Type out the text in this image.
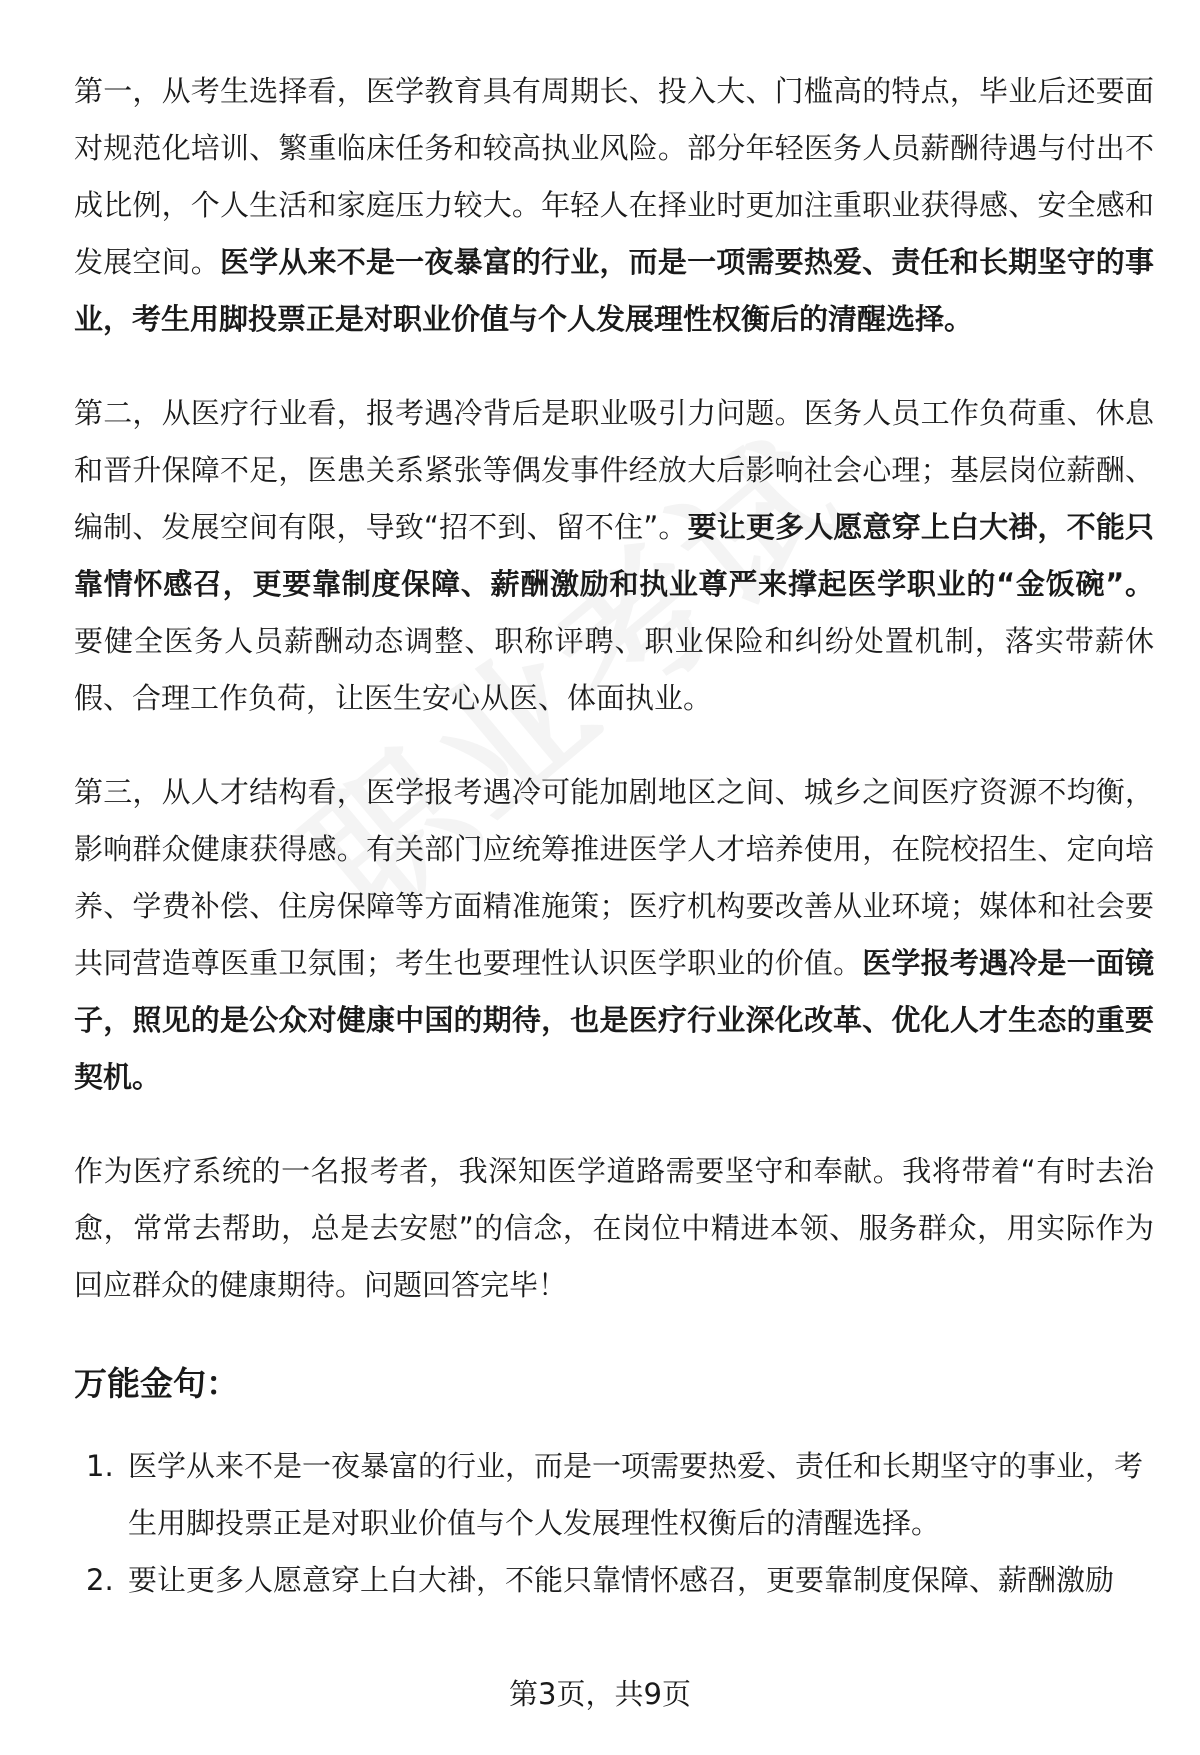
第一，从考生选择看，医学教育具有周期长、投入大、门槛高的特点，毕业后还要面对规范化培训、繁重临床任务和较高执业风险。部分年轻医务人员薪酬待遇与付出不成比例，个人生活和家庭压力较大。年轻人在择业时更加注重职业获得感、安全感和发展空间。医学从来不是一夜暴富的行业，而是一项需要热爱、责任和长期坚守的事业，考生用脚投票正是对职业价值与个人发展理性权衡后的清醒选择。

第二，从医疗行业看，报考遇冷背后是职业吸引力问题。医务人员工作负荷重、休息和晋升保障不足，医患关系紧张等偶发事件经放大后影响社会心理；基层岗位薪酬、编制、发展空间有限，导致“招不到、留不住”。要让更多人愿意穿上白大褂，不能只靠情怀感召，更要靠制度保障、薪酬激励和执业尊严来撑起医学职业的“金饭碗”。 要健全医务人员薪酬动态调整、职称评聘、职业保险和纠纷处置机制，落实带薪休假、合理工作负荷，让医生安心从医、体面执业。

第三，从人才结构看，医学报考遇冷可能加剧地区之间、城乡之间医疗资源不均衡，影响群众健康获得感。有关部门应统筹推进医学人才培养使用，在院校招生、定向培养、学费补偿、住房保障等方面精准施策；医疗机构要改善从业环境；媒体和社会要共同营造尊医重卫氛围；考生也要理性认识医学职业的价值。医学报考遇冷是一面镜子，照见的是公众对健康中国的期待，也是医疗行业深化改革、优化人才生态的重要契机。

作为医疗系统的一名报考者，我深知医学道路需要坚守和奉献。我将带着“有时去治愈，常常去帮助，总是去安慰”的信念，在岗位中精进本领、服务群众，用实际作为回应群众的健康期待。问题回答完毕！

万能金句：
1. 医学从来不是一夜暴富的行业，而是一项需要热爱、责任和长期坚守的事业，考生用脚投票正是对职业价值与个人发展理性权衡后的清醒选择。
2. 要让更多人愿意穿上白大褂，不能只靠情怀感召，更要靠制度保障、薪酬激励
第3页，共9页
